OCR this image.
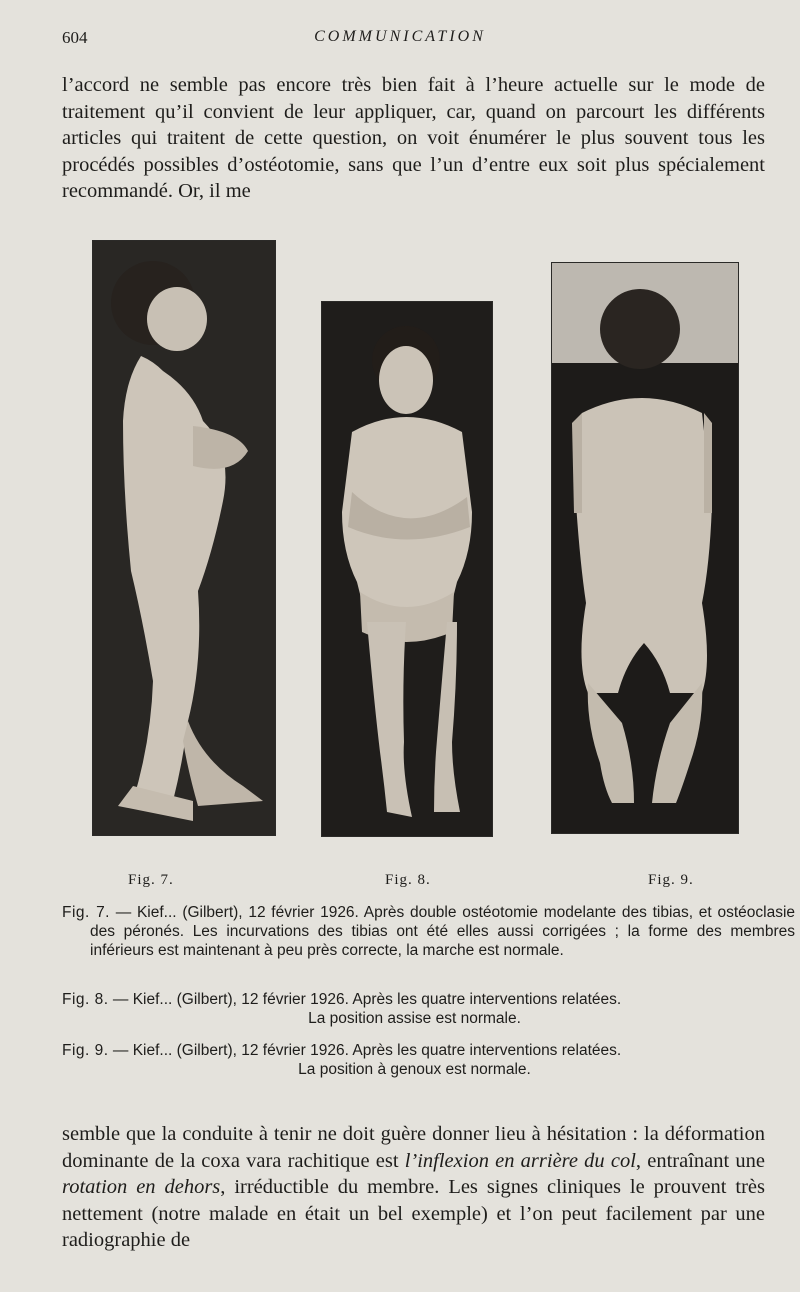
604	COMMUNICATION
l’accord ne semble pas encore très bien fait à l’heure actuelle sur le mode de traitement qu’il convient de leur appliquer, car, quand on parcourt les différents articles qui traitent de cette question, on voit énumérer le plus souvent tous les procédés possibles d’ostéotomie, sans que l’un d’entre eux soit plus spécialement recommandé. Or, il me
Fig. 7.	Fig. 8.	Fig. 9.
Fig. 7. — Kief... (Gilbert), 12 février 1926. Après double ostéotomie modelante des tibias, et ostéoclasie des péronés. Les incurvations des tibias ont été elles aussi corrigées ; la forme des membres inférieurs est maintenant à peu près correcte, la marche est normale.
Fig. 8. — Kief... (Gilbert), 12 février 1926. Après les quatre interventions relatées.
La position assise est normale.
Fig. 9. — Kief... (Gilbert), 12 février 1926. Après les quatre interventions relatées.
La position à genoux est normale.
semble que la conduite à tenir ne doit guère donner lieu à hésitation : la déformation dominante de la coxa vara rachitique est l’inflexion en arrière du col, entraînant une rotation en dehors, irréductible du membre. Les signes cliniques le prouvent très nettement (notre malade en était un bel exemple) et l’on peut facilement par une radiographie de
